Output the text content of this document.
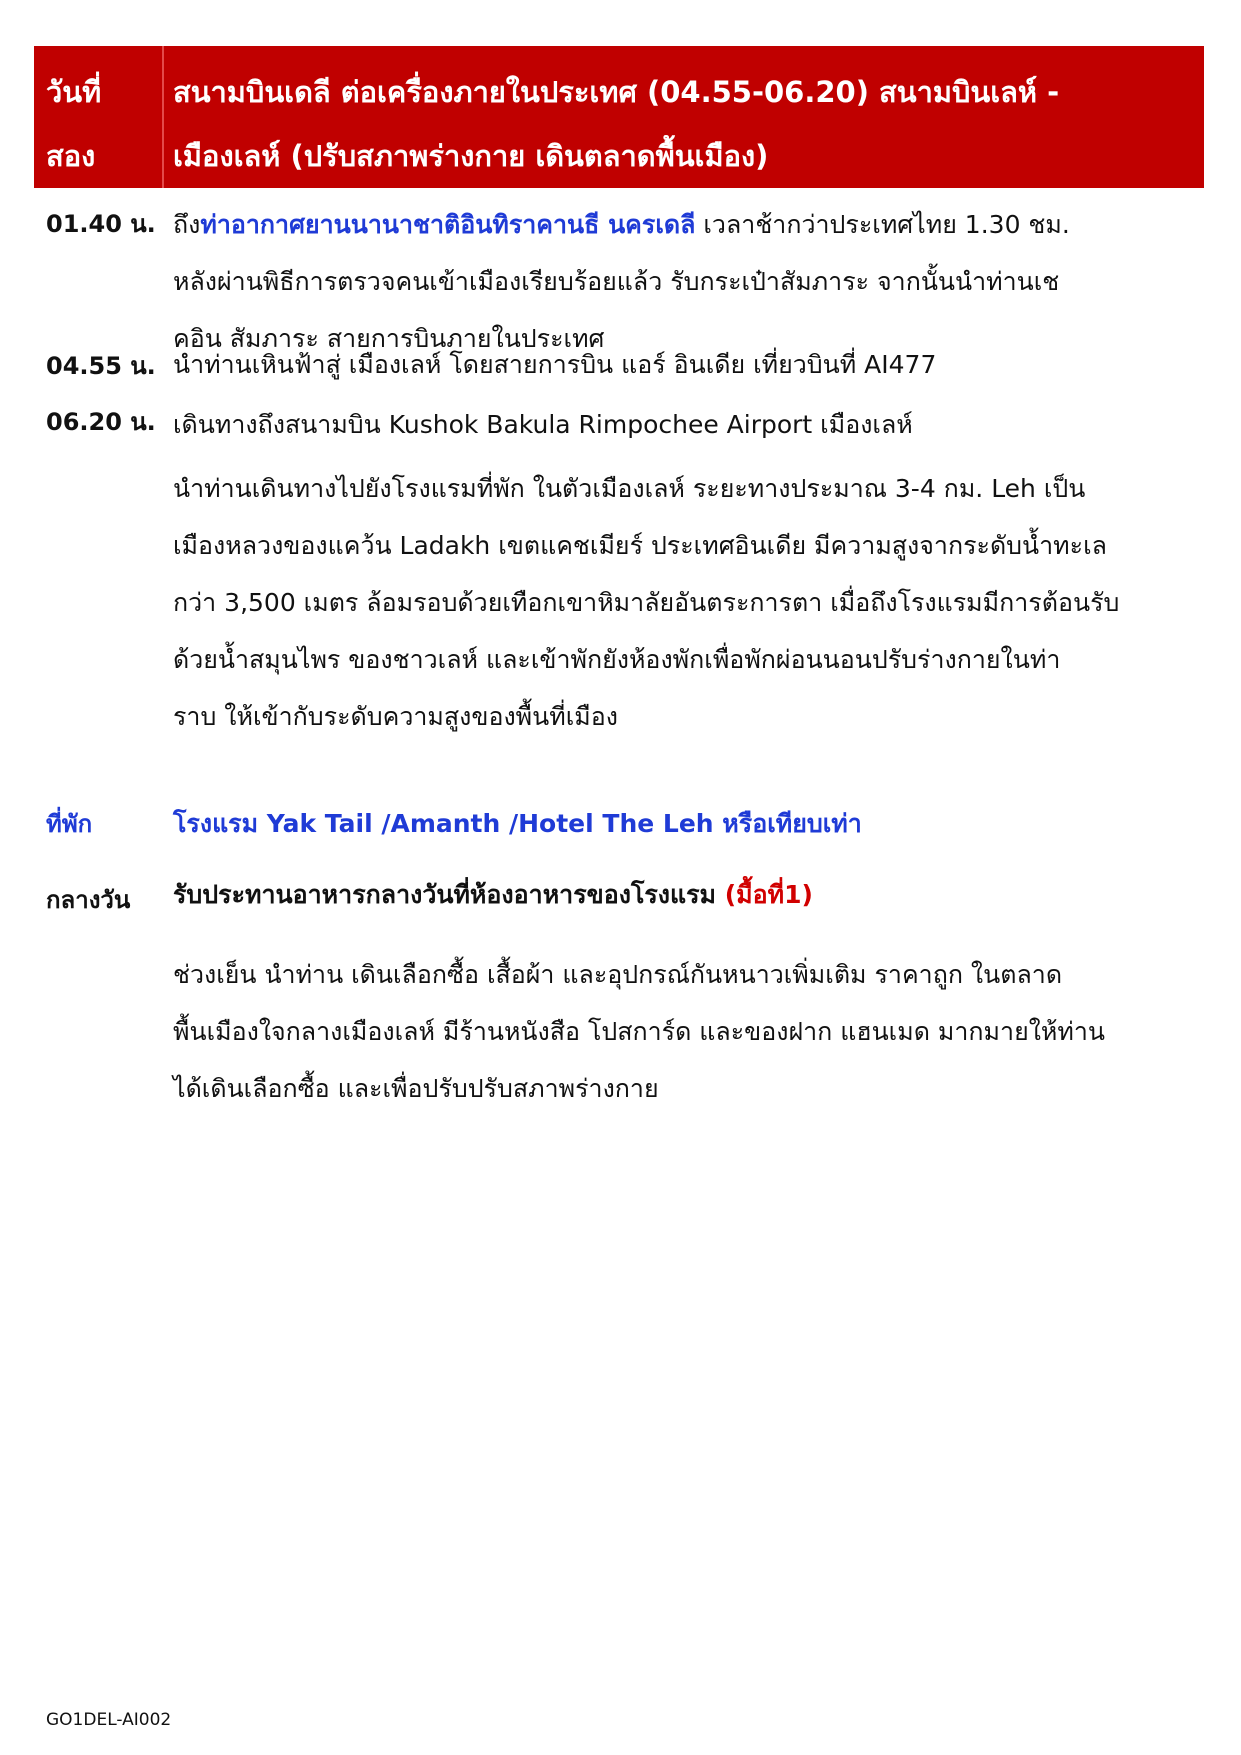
วันที่
สอง
สนามบินเดลี ต่อเครื่องภายในประเทศ (04.55-06.20) สนามบินเลห์ -
เมืองเลห์ (ปรับสภาพร่างกาย เดินตลาดพื้นเมือง)
01.40 น. ถึงท่าอากาศยานนานาชาติอินทิราคานธี นครเดลี เวลาช้ากว่าประเทศไทย 1.30 ชม.
หลังผ่านพิธีการตรวจคนเข้าเมืองเรียบร้อยแล้ว รับกระเป๋าสัมภาระ จากนั้นนำท่านเช
คอิน สัมภาระ สายการบินภายในประเทศ
04.55 น. นำท่านเหินฟ้าสู่ เมืองเลห์ โดยสายการบิน แอร์ อินเดีย เที่ยวบินที่ AI477
06.20 น. เดินทางถึงสนามบิน Kushok Bakula Rimpochee Airport เมืองเลห์
นำท่านเดินทางไปยังโรงแรมที่พัก ในตัวเมืองเลห์ ระยะทางประมาณ 3-4 กม. Leh เป็น
เมืองหลวงของแคว้น Ladakh เขตแคชเมียร์ ประเทศอินเดีย มีความสูงจากระดับน้ำทะเล
กว่า 3,500 เมตร ล้อมรอบด้วยเทือกเขาหิมาลัยอันตระการตา เมื่อถึงโรงแรมมีการต้อนรับ
ด้วยน้ำสมุนไพร ของชาวเลห์ และเข้าพักยังห้องพักเพื่อพักผ่อนนอนปรับร่างกายในท่า
ราบ ให้เข้ากับระดับความสูงของพื้นที่เมือง
ที่พัก	โรงแรม Yak Tail /Amanth /Hotel The Leh หรือเทียบเท่า
กลางวัน	รับประทานอาหารกลางวันที่ห้องอาหารของโรงแรม (มื้อที่1)
ช่วงเย็น นำท่าน เดินเลือกซื้อ เสื้อผ้า และอุปกรณ์กันหนาวเพิ่มเติม ราคาถูก ในตลาด
พื้นเมืองใจกลางเมืองเลห์ มีร้านหนังสือ โปสการ์ด และของฝาก แฮนเมด มากมายให้ท่าน
ได้เดินเลือกซื้อ และเพื่อปรับปรับสภาพร่างกาย
GO1DEL-AI002
